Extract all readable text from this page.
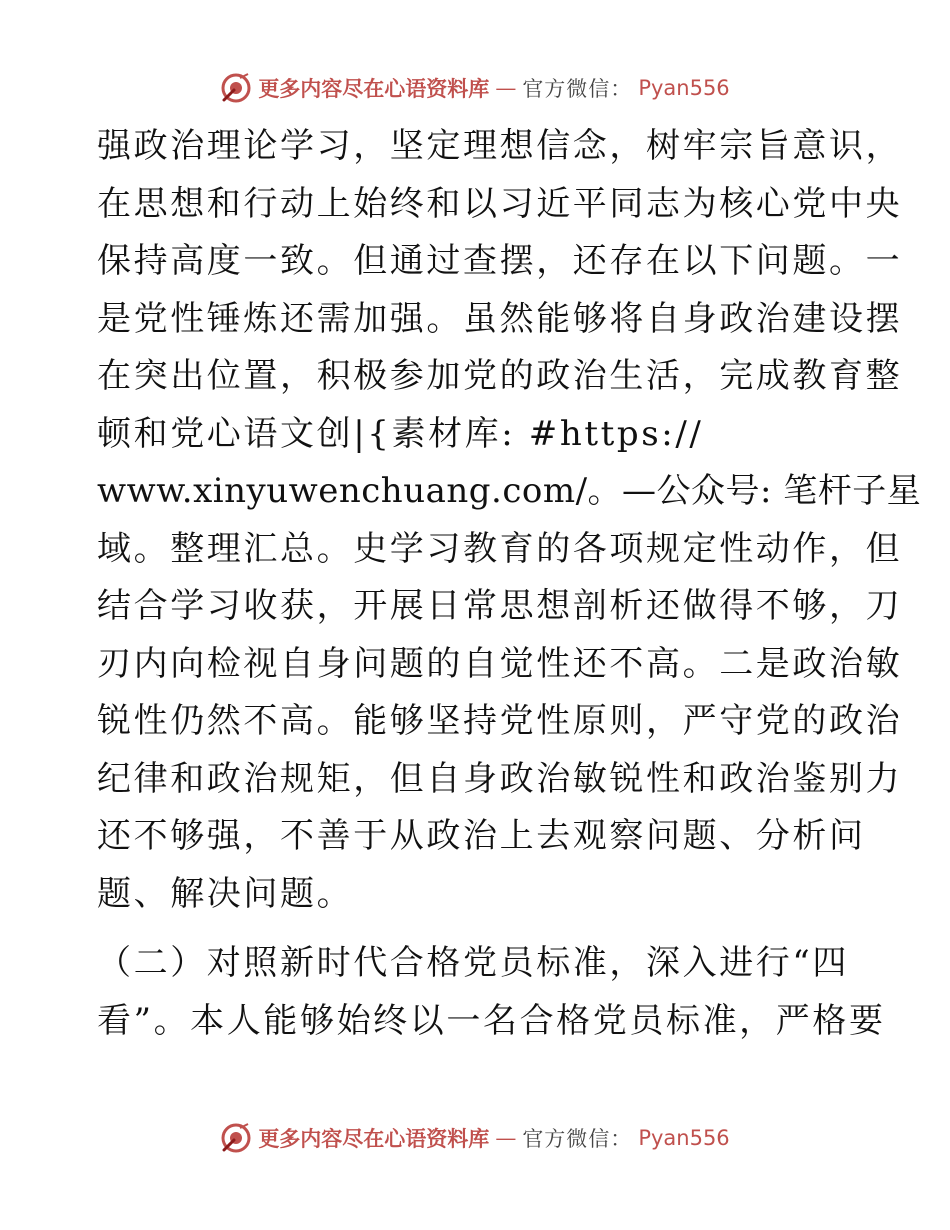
更多内容尽在心语资料库 — 官方微信： Pyan556
强政治理论学习，坚定理想信念，树牢宗旨意识，
在思想和行动上始终和以习近平同志为核心党中央
保持高度一致。但通过查摆，还存在以下问题。一
是党性锤炼还需加强。虽然能够将自身政治建设摆
在突出位置，积极参加党的政治生活，完成教育整
顿和党心语文创|{素材库: #https://
www.xinyuwenchuang.com/。—公众号: 笔杆子星
域。整理汇总。史学习教育的各项规定性动作，但
结合学习收获，开展日常思想剖析还做得不够，刀
刃内向检视自身问题的自觉性还不高。二是政治敏
锐性仍然不高。能够坚持党性原则，严守党的政治
纪律和政治规矩，但自身政治敏锐性和政治鉴别力
还不够强，不善于从政治上去观察问题、分析问
题、解决问题。
（二）对照新时代合格党员标准，深入进行“四
看”。本人能够始终以一名合格党员标准，严格要
更多内容尽在心语资料库 — 官方微信： Pyan556
